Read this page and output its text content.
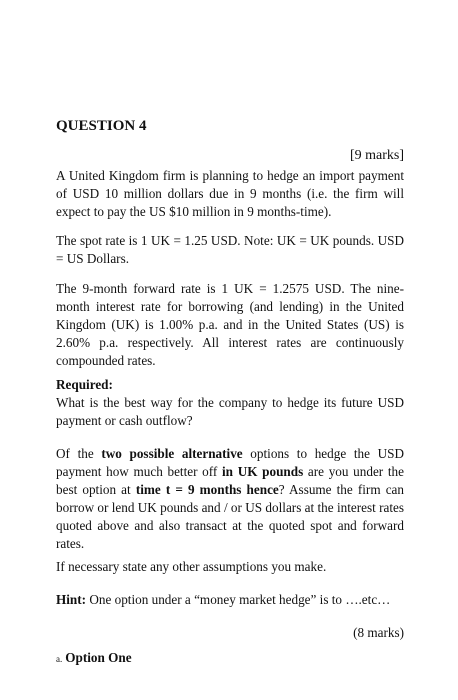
QUESTION 4
[9 marks]
A United Kingdom firm is planning to hedge an import payment of USD 10 million dollars due in 9 months (i.e. the firm will expect to pay the US $10 million in 9 months-time).
The spot rate is 1 UK = 1.25 USD. Note: UK = UK pounds. USD = US Dollars.
The 9-month forward rate is 1 UK = 1.2575 USD. The nine-month interest rate for borrowing (and lending) in the United Kingdom (UK) is 1.00% p.a. and in the United States (US) is 2.60% p.a. respectively. All interest rates are continuously compounded rates.
Required:
What is the best way for the company to hedge its future USD payment or cash outflow?
Of the two possible alternative options to hedge the USD payment how much better off in UK pounds are you under the best option at time t = 9 months hence? Assume the firm can borrow or lend UK pounds and / or US dollars at the interest rates quoted above and also transact at the quoted spot and forward rates.
If necessary state any other assumptions you make.
Hint: One option under a “money market hedge” is to ….etc…
(8 marks)
a. Option One
